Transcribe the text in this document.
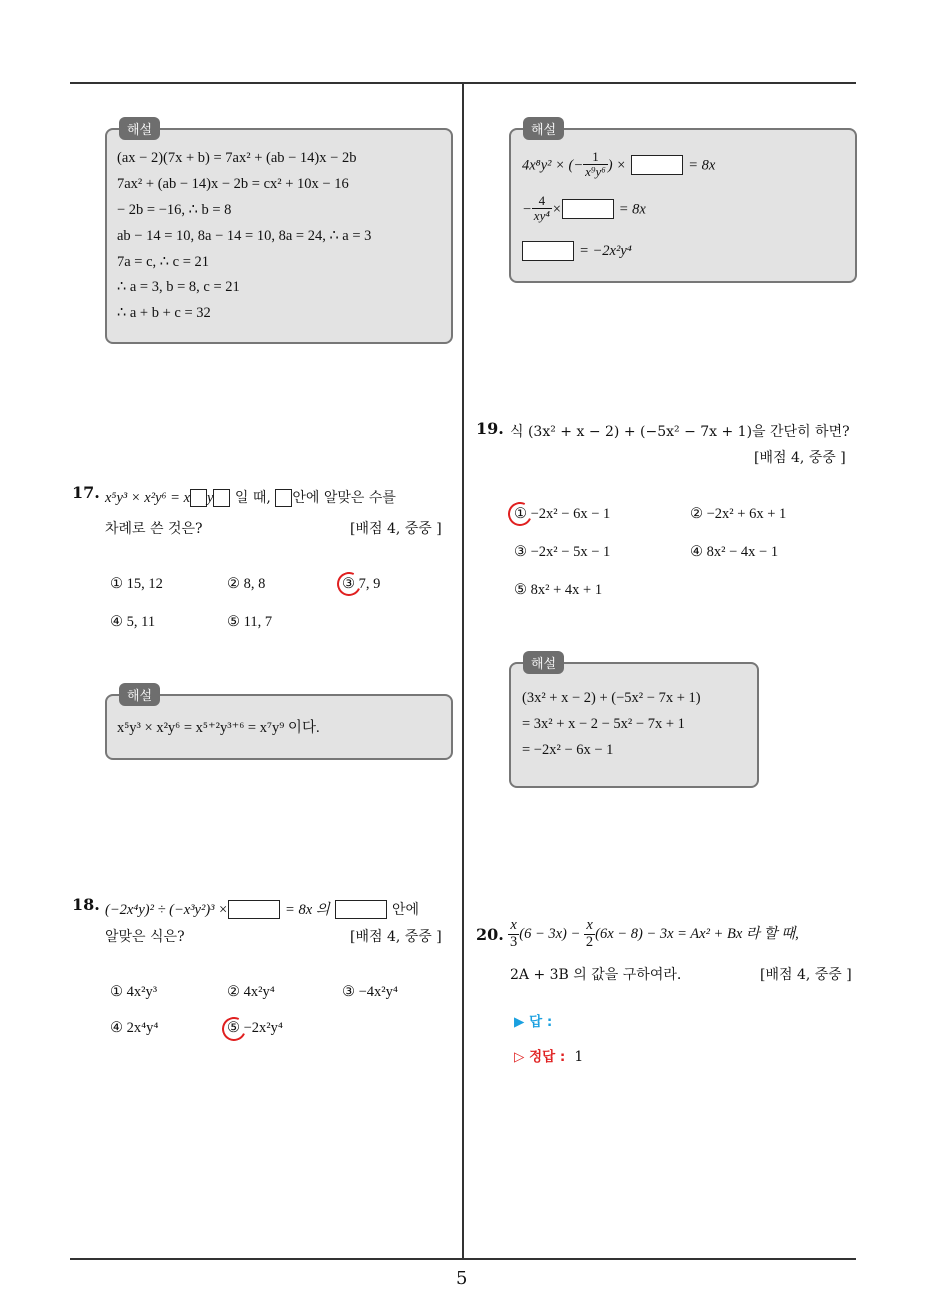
5
해설
(ax − 2)(7x + b) = 7ax² + (ab − 14)x − 2b
7ax² + (ab − 14)x − 2b = cx² + 10x − 16
− 2b = −16, ∴ b = 8
ab − 14 = 10, 8a − 14 = 10, 8a = 24, ∴ a = 3
7a = c, ∴ c = 21
∴ a = 3, b = 8, c = 21
∴ a + b + c = 32
17. x⁵y³ × x²y⁶ = x y 일 때, 안에 알맞은 수를
차례로 쓴 것은?	[배점 4, 중중 ]
① 15, 12	② 8, 8	③ 7, 9
④ 5, 11	⑤ 11, 7
해설
x⁵y³ × x²y⁶ = x⁵⁺²y³⁺⁶ = x⁷y⁹ 이다.
18. (−2x⁴y)² ÷ (−x³y²)³ ×	= 8x 의	안에
알맞은 식은?	[배점 4, 중중 ]
① 4x²y³	② 4x²y⁴	③ −4x²y⁴
④ 2x⁴y⁴	⑤ −2x²y⁴
해설
4x⁸y² × (− $\frac{1}{\text{x⁹y⁶}}$ ) ×	= 8x
− $\frac{4}{\text{xy⁴}}$ ×	= 8x
= −2x²y⁴
19. 식 (3x² + x − 2) + (−5x² − 7x + 1)을 간단히 하면?
[배점 4, 중중 ]
① −2x² − 6x − 1	② −2x² + 6x + 1
③ −2x² − 5x − 1	④ 8x² − 4x − 1
⑤ 8x² + 4x + 1
해설
(3x² + x − 2) + (−5x² − 7x + 1)
= 3x² + x − 2 − 5x² − 7x + 1
= −2x² − 6x − 1
20. $\frac{x}{3} (6 - 3x) - \frac{x}{2} (6x - 8) - 3x = Ax^2 + Bx$ 라 할 때,
2A + 3B 의 값을 구하여라.	[배점 4, 중중 ]
▶ 답 :
▷ 정답 : 1
